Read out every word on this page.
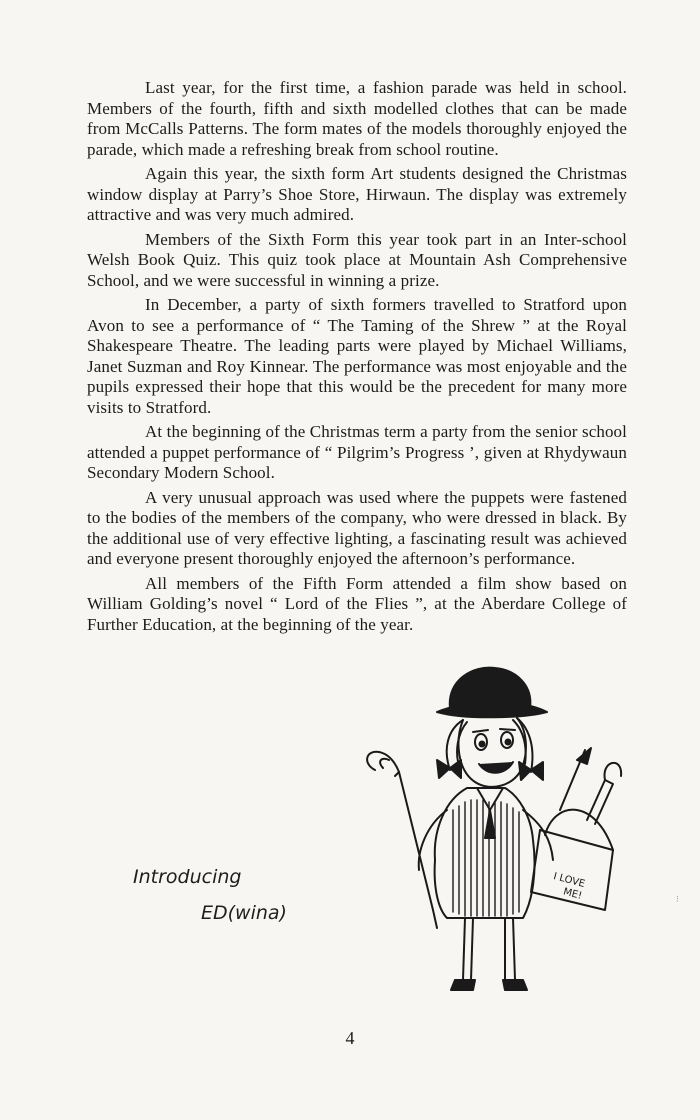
Last year, for the first time, a fashion parade was held in school. Members of the fourth, fifth and sixth modelled clothes that can be made from McCalls Patterns. The form mates of the models thoroughly enjoyed the parade, which made a refreshing break from school routine.

Again this year, the sixth form Art students designed the Christmas window display at Parry’s Shoe Store, Hirwaun. The display was extremely attractive and was very much admired.

Members of the Sixth Form this year took part in an Inter-school Welsh Book Quiz. This quiz took place at Mountain Ash Comprehensive School, and we were successful in winning a prize.

In December, a party of sixth formers travelled to Stratford upon Avon to see a performance of “ The Taming of the Shrew ” at the Royal Shakespeare Theatre. The leading parts were played by Michael Williams, Janet Suzman and Roy Kinnear. The performance was most enjoyable and the pupils expressed their hope that this would be the precedent for many more visits to Stratford.

At the beginning of the Christmas term a party from the senior school attended a puppet performance of “ Pilgrim’s Progress ’, given at Rhydywaun Secondary Modern School.

A very unusual approach was used where the puppets were fastened to the bodies of the members of the company, who were dressed in black. By the additional use of very effective lighting, a fascinating result was achieved and everyone present thoroughly enjoyed the afternoon’s performance.

All members of the Fifth Form attended a film show based on William Golding’s novel “ Lord of the Flies ”, at the Aberdare College of Further Education, at the beginning of the year.

Introducing
ED(wina)
I LOVE
ME!
4
⁝
